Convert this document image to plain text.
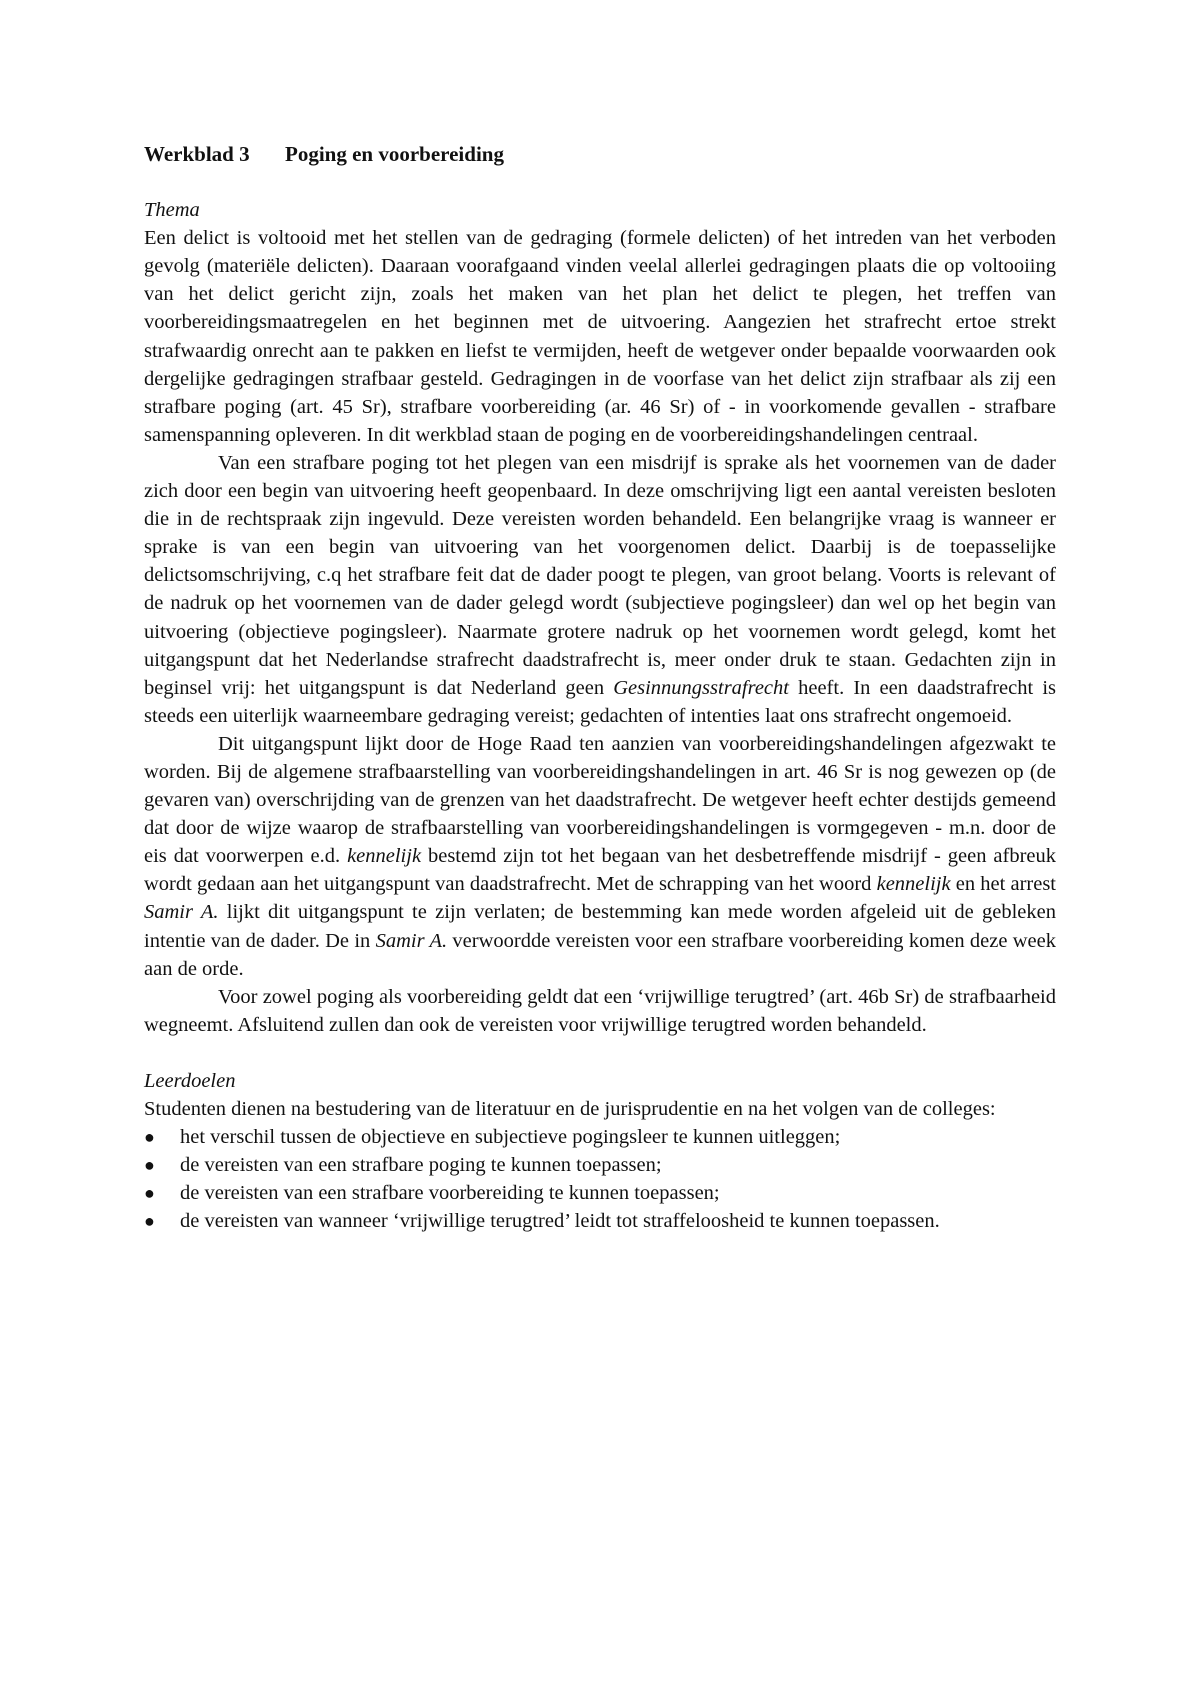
Werkblad 3 Poging en voorbereiding
Thema

Een delict is voltooid met het stellen van de gedraging (formele delicten) of het intreden van het verboden gevolg (materiële delicten). Daaraan voorafgaand vinden veelal allerlei gedragingen plaats die op voltooiing van het delict gericht zijn, zoals het maken van het plan het delict te plegen, het treffen van voorbereidingsmaatregelen en het beginnen met de uitvoering. Aangezien het strafrecht ertoe strekt strafwaardig onrecht aan te pakken en liefst te vermijden, heeft de wetgever onder bepaalde voorwaarden ook dergelijke gedragingen strafbaar gesteld. Gedragingen in de voorfase van het delict zijn strafbaar als zij een strafbare poging (art. 45 Sr), strafbare voorbereiding (ar. 46 Sr) of - in voorkomende gevallen - strafbare samenspanning opleveren. In dit werkblad staan de poging en de voorbereidingshandelingen centraal.

Van een strafbare poging tot het plegen van een misdrijf is sprake als het voornemen van de dader zich door een begin van uitvoering heeft geopenbaard. In deze omschrijving ligt een aantal vereisten besloten die in de rechtspraak zijn ingevuld. Deze vereisten worden behandeld. Een belangrijke vraag is wanneer er sprake is van een begin van uitvoering van het voorgenomen delict. Daarbij is de toepasselijke delictsomschrijving, c.q het strafbare feit dat de dader poogt te plegen, van groot belang. Voorts is relevant of de nadruk op het voornemen van de dader gelegd wordt (subjectieve pogingsleer) dan wel op het begin van uitvoering (objectieve pogingsleer). Naarmate grotere nadruk op het voornemen wordt gelegd, komt het uitgangspunt dat het Nederlandse strafrecht daadstrafrecht is, meer onder druk te staan. Gedachten zijn in beginsel vrij: het uitgangspunt is dat Nederland geen Gesinnungsstrafrecht heeft. In een daadstrafrecht is steeds een uiterlijk waarneembare gedraging vereist; gedachten of intenties laat ons strafrecht ongemoeid.

Dit uitgangspunt lijkt door de Hoge Raad ten aanzien van voorbereidingshandelingen afgezwakt te worden. Bij de algemene strafbaarstelling van voorbereidingshandelingen in art. 46 Sr is nog gewezen op (de gevaren van) overschrijding van de grenzen van het daadstrafrecht. De wetgever heeft echter destijds gemeend dat door de wijze waarop de strafbaarstelling van voorbereidingshandelingen is vormgegeven - m.n. door de eis dat voorwerpen e.d. kennelijk bestemd zijn tot het begaan van het desbetreffende misdrijf - geen afbreuk wordt gedaan aan het uitgangspunt van daadstrafrecht. Met de schrapping van het woord kennelijk en het arrest Samir A. lijkt dit uitgangspunt te zijn verlaten; de bestemming kan mede worden afgeleid uit de gebleken intentie van de dader. De in Samir A. verwoordde vereisten voor een strafbare voorbereiding komen deze week aan de orde.

Voor zowel poging als voorbereiding geldt dat een ‘vrijwillige terugtred’ (art. 46b Sr) de strafbaarheid wegneemt. Afsluitend zullen dan ook de vereisten voor vrijwillige terugtred worden behandeld.

Leerdoelen

Studenten dienen na bestudering van de literatuur en de jurisprudentie en na het volgen van de colleges:

● het verschil tussen de objectieve en subjectieve pogingsleer te kunnen uitleggen;
● de vereisten van een strafbare poging te kunnen toepassen;
● de vereisten van een strafbare voorbereiding te kunnen toepassen;
● de vereisten van wanneer ‘vrijwillige terugtred’ leidt tot straffeloosheid te kunnen toepassen.
